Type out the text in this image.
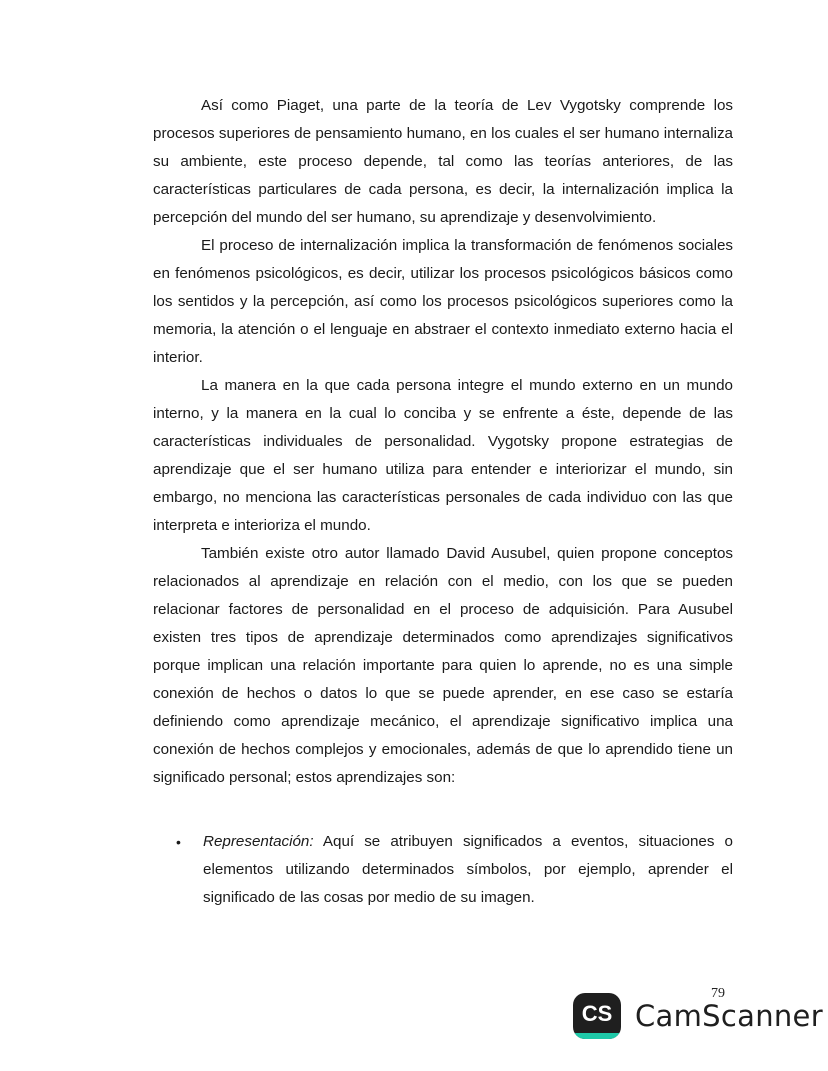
Así como Piaget, una parte de la teoría de Lev Vygotsky comprende los procesos superiores de pensamiento humano, en los cuales el ser humano internaliza su ambiente, este proceso depende, tal como las teorías anteriores, de las características particulares de cada persona, es decir, la internalización implica la percepción del mundo del ser humano, su aprendizaje y desenvolvimiento.

El proceso de internalización implica la transformación de fenómenos sociales en fenómenos psicológicos, es decir, utilizar los procesos psicológicos básicos como los sentidos y la percepción, así como los procesos psicológicos superiores como la memoria, la atención o el lenguaje en abstraer el contexto inmediato externo hacia el interior.

La manera en la que cada persona integre el mundo externo en un mundo interno, y la manera en la cual lo conciba y se enfrente a éste, depende de las características individuales de personalidad. Vygotsky propone estrategias de aprendizaje que el ser humano utiliza para entender e interiorizar el mundo, sin embargo, no menciona las características personales de cada individuo con las que interpreta e interioriza el mundo.

También existe otro autor llamado David Ausubel, quien propone conceptos relacionados al aprendizaje en relación con el medio, con los que se pueden relacionar factores de personalidad en el proceso de adquisición. Para Ausubel existen tres tipos de aprendizaje determinados como aprendizajes significativos porque implican una relación importante para quien lo aprende, no es una simple conexión de hechos o datos lo que se puede aprender, en ese caso se estaría definiendo como aprendizaje mecánico, el aprendizaje significativo implica una conexión de hechos complejos y emocionales, además de que lo aprendido tiene un significado personal; estos aprendizajes son:

• Representación: Aquí se atribuyen significados a eventos, situaciones o elementos utilizando determinados símbolos, por ejemplo, aprender el significado de las cosas por medio de su imagen.
79
CS CamScanner
